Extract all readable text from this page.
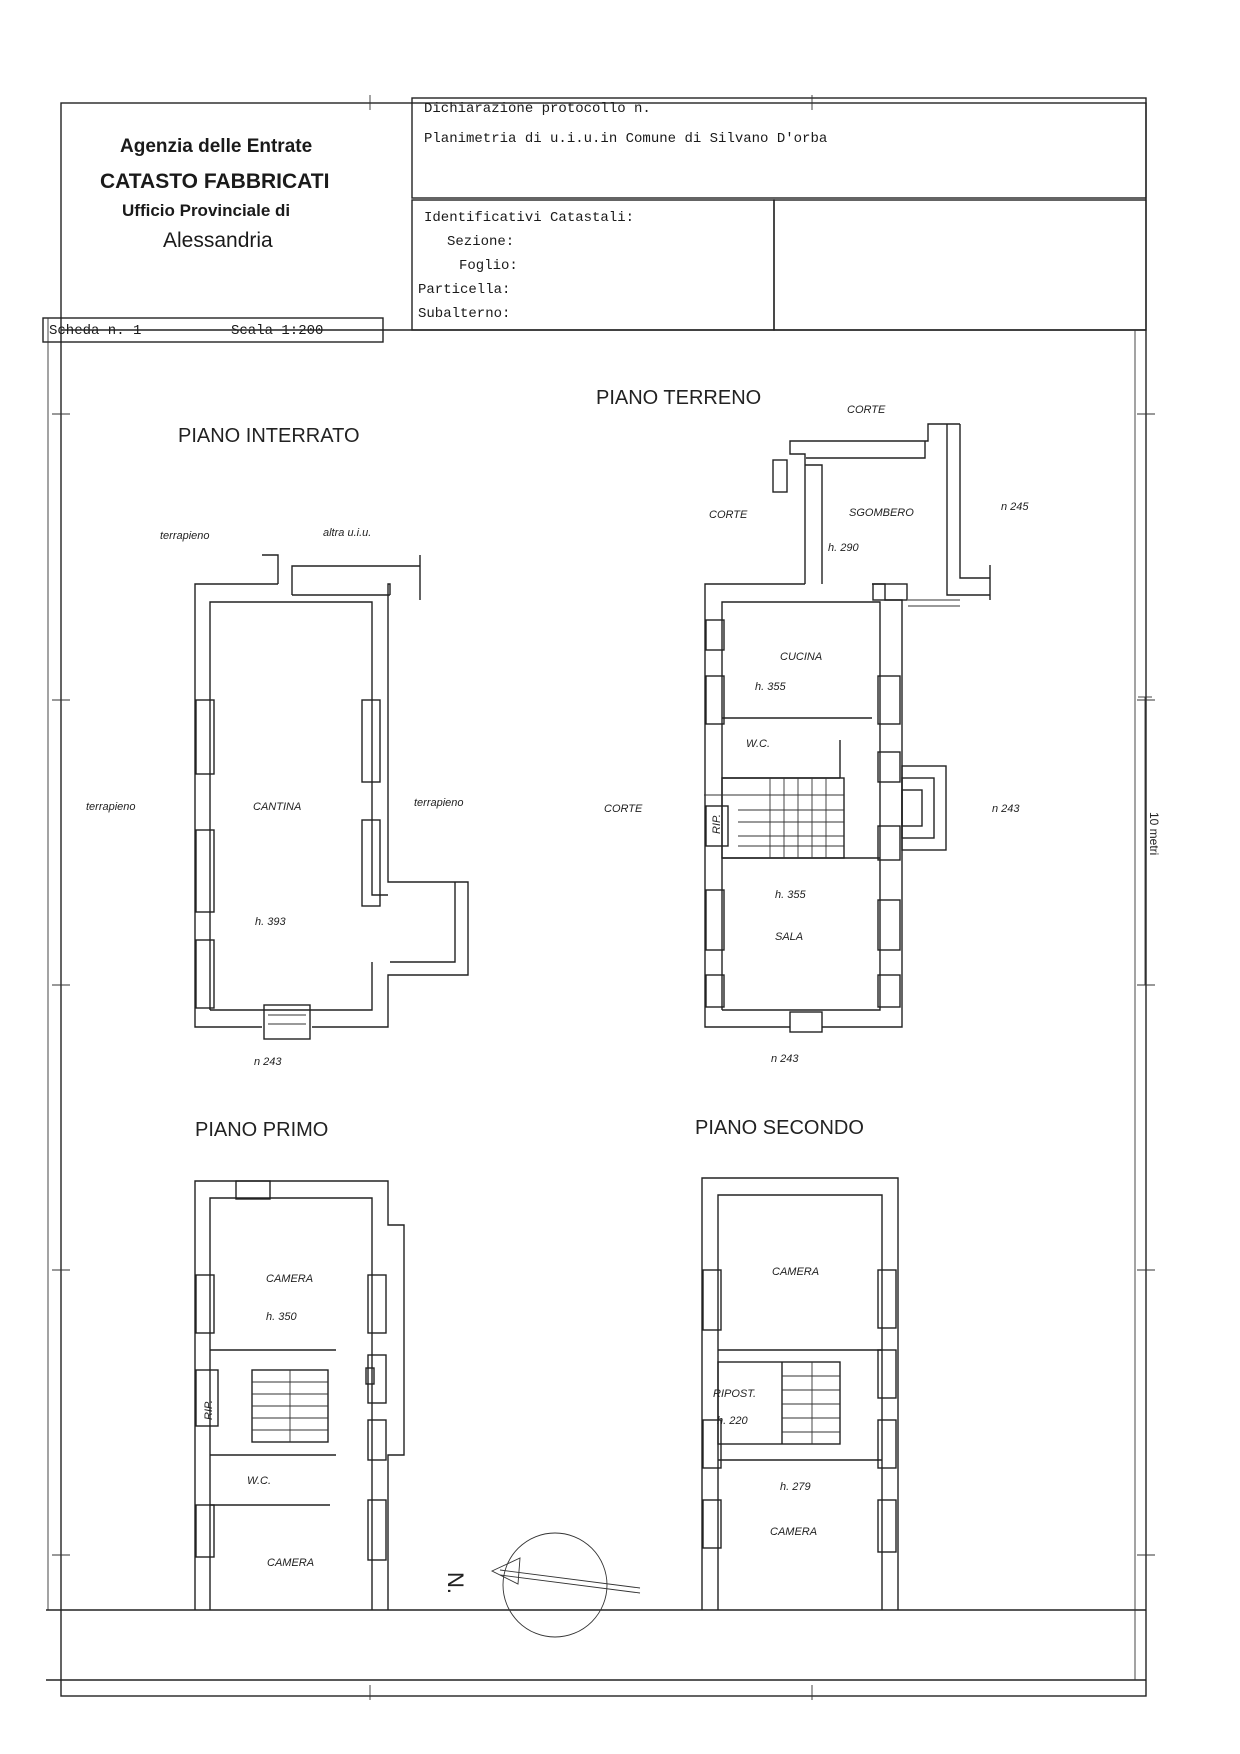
Agenzia delle Entrate
CATASTO FABBRICATI
Ufficio Provinciale di
Alessandria
Dichiarazione protocollo n.
Planimetria di u.i.u.in Comune di Silvano D'orba
Identificativi Catastali:
Sezione:
Foglio:
Particella:
Subalterno:
Scheda n. 1	Scala 1:200
10 metri
PIANO INTERRATO
terrapieno	altra u.i.u.
terrapieno	CANTINA	terrapieno
h. 393
n 243
PIANO TERRENO
CORTE
CORTE	SGOMBERO	n 245
h. 290
CUCINA
h. 355
W.C.
CORTE
RIP.
n 243
h. 355
SALA
n 243
PIANO PRIMO
CAMERA
h. 350
RIP.
W.C.
CAMERA
PIANO SECONDO
CAMERA
RIPOST.
h. 220
h. 279
CAMERA
N.
